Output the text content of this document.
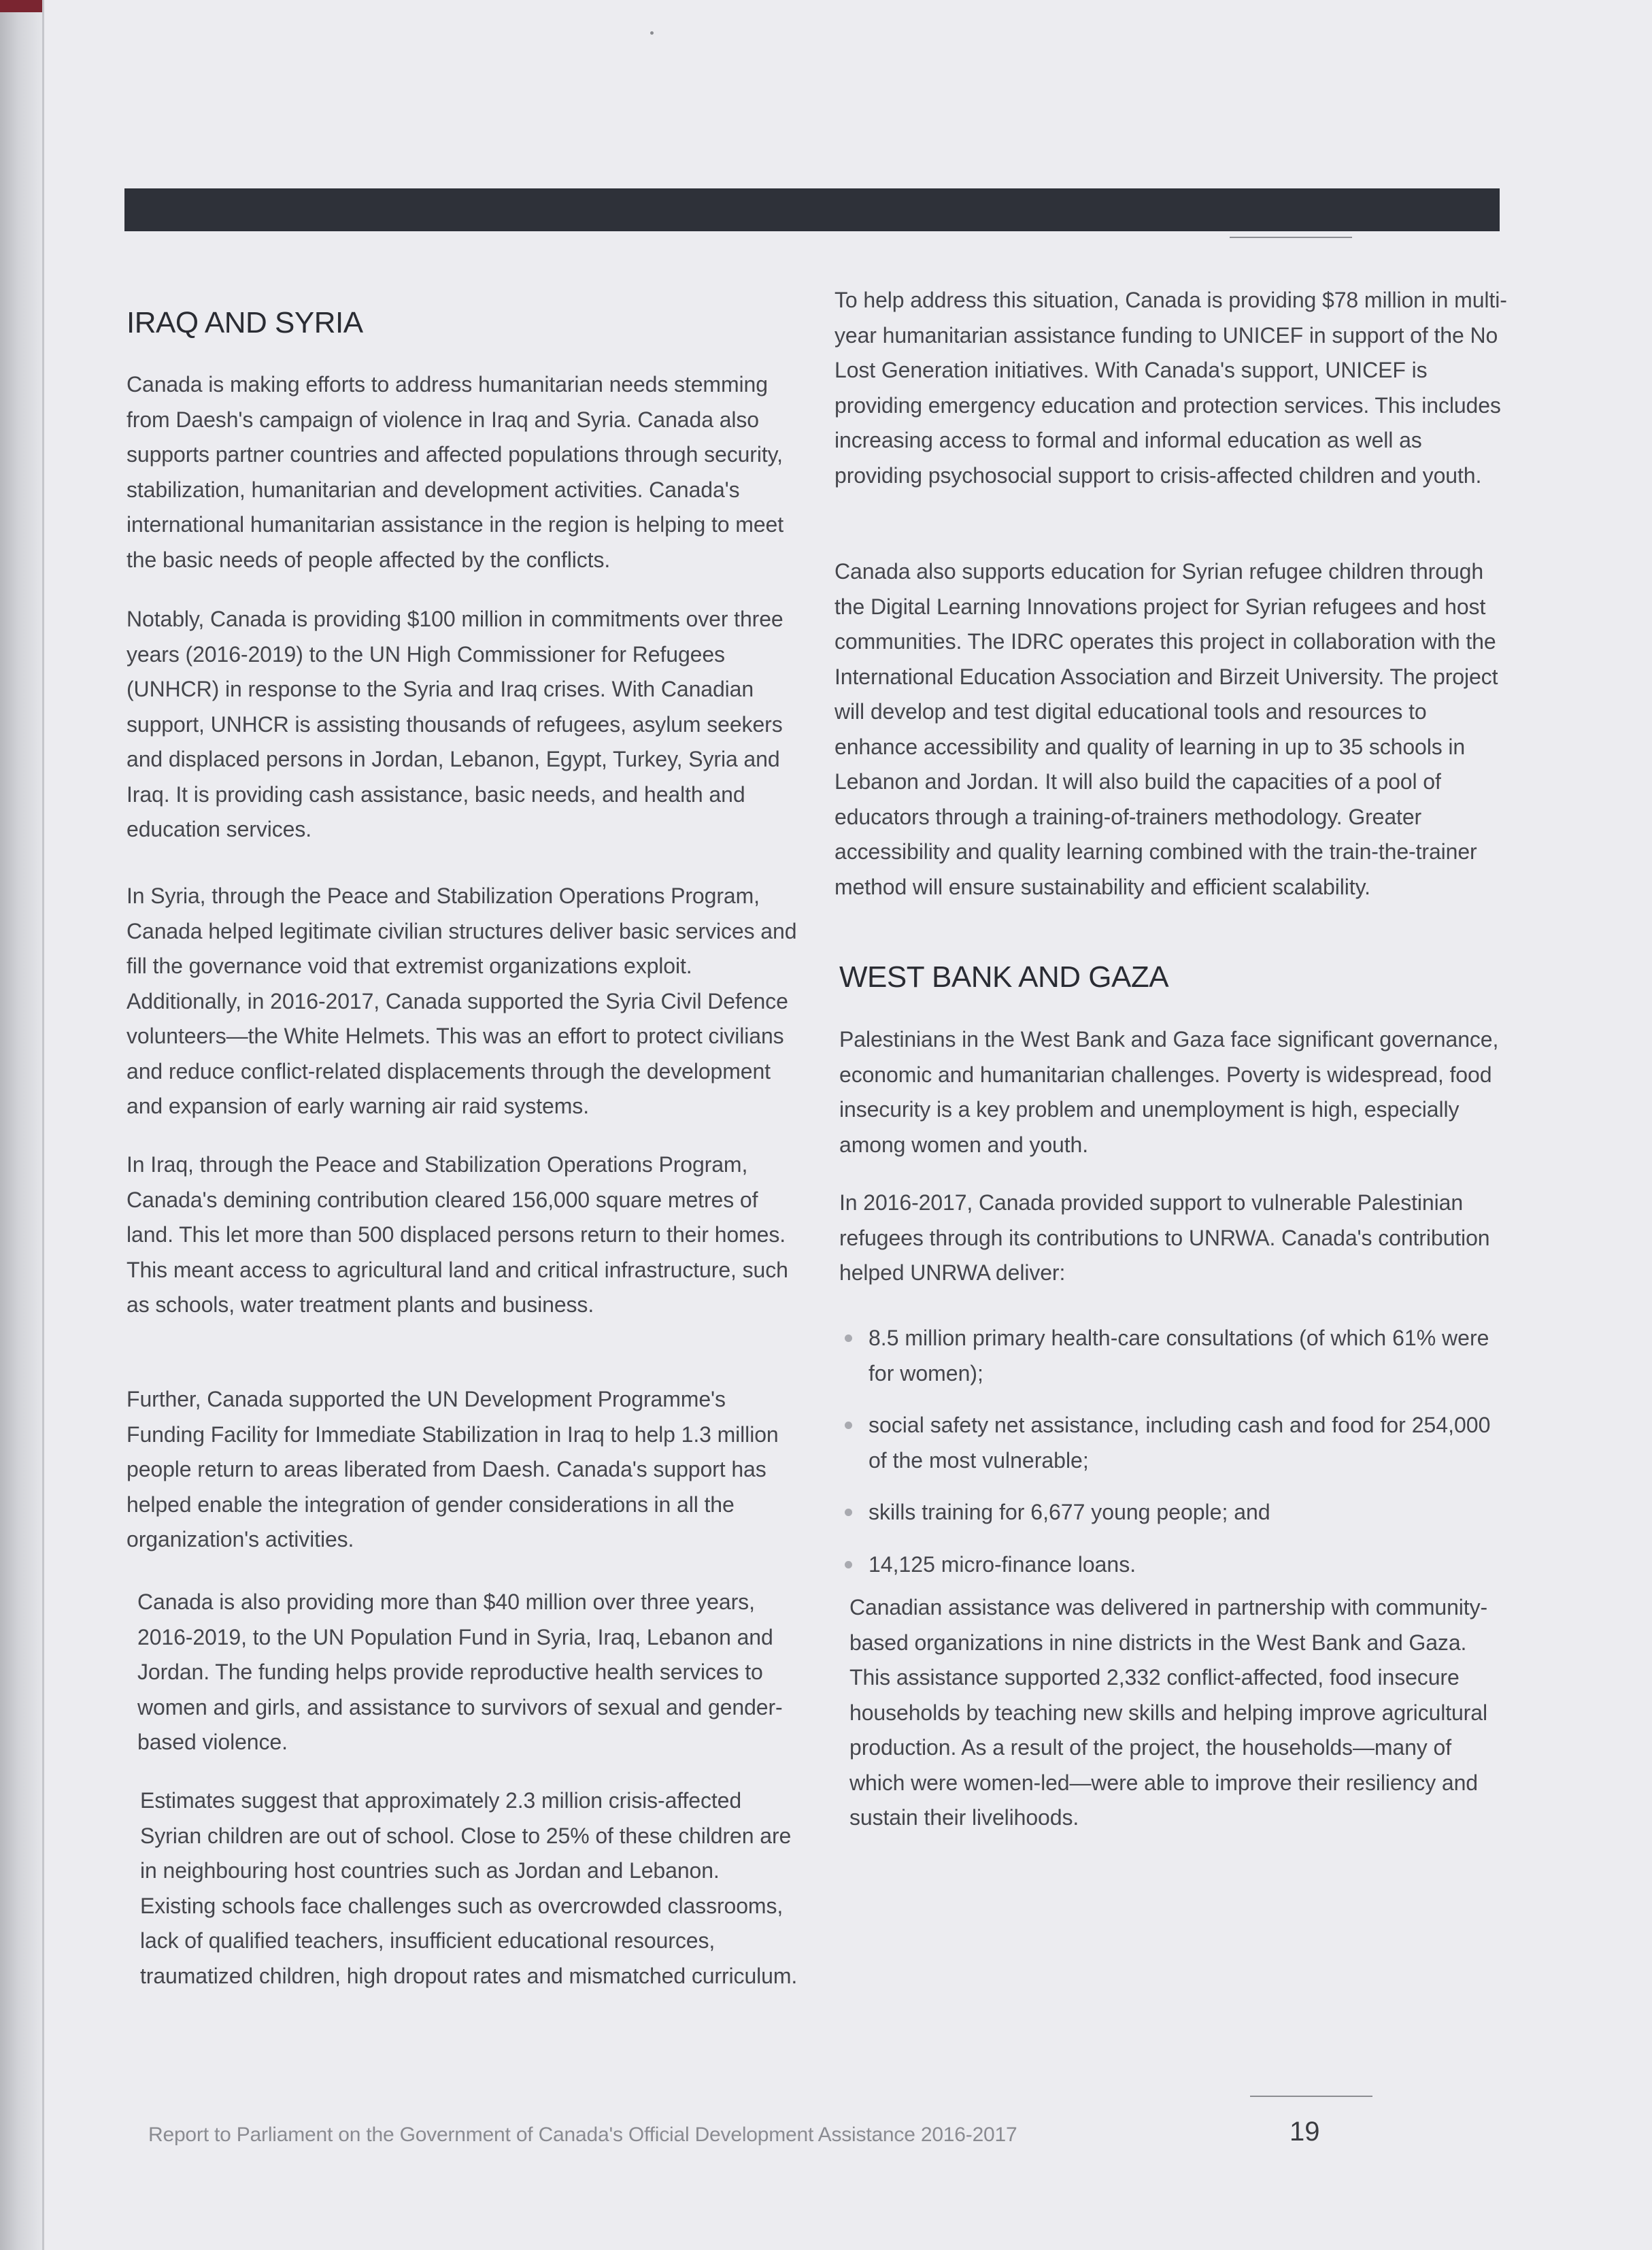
IRAQ AND SYRIA

Canada is making efforts to address humanitarian needs stemming from Daesh's campaign of violence in Iraq and Syria. Canada also supports partner countries and affected populations through security, stabilization, humanitarian and development activities. Canada's international humanitarian assistance in the region is helping to meet the basic needs of people affected by the conflicts.

Notably, Canada is providing $100 million in commitments over three years (2016-2019) to the UN High Commissioner for Refugees (UNHCR) in response to the Syria and Iraq crises. With Canadian support, UNHCR is assisting thousands of refugees, asylum seekers and displaced persons in Jordan, Lebanon, Egypt, Turkey, Syria and Iraq. It is providing cash assistance, basic needs, and health and education services.

In Syria, through the Peace and Stabilization Operations Program, Canada helped legitimate civilian structures deliver basic services and fill the governance void that extremist organizations exploit. Additionally, in 2016-2017, Canada supported the Syria Civil Defence volunteers—the White Helmets. This was an effort to protect civilians and reduce conflict-related displacements through the development and expansion of early warning air raid systems.

In Iraq, through the Peace and Stabilization Operations Program, Canada's demining contribution cleared 156,000 square metres of land. This let more than 500 displaced persons return to their homes. This meant access to agricultural land and critical infrastructure, such as schools, water treatment plants and business.

Further, Canada supported the UN Development Programme's Funding Facility for Immediate Stabilization in Iraq to help 1.3 million people return to areas liberated from Daesh. Canada's support has helped enable the integration of gender considerations in all the organization's activities.

Canada is also providing more than $40 million over three years, 2016-2019, to the UN Population Fund in Syria, Iraq, Lebanon and Jordan. The funding helps provide reproductive health services to women and girls, and assistance to survivors of sexual and gender-based violence.

Estimates suggest that approximately 2.3 million crisis-affected Syrian children are out of school. Close to 25% of these children are in neighbouring host countries such as Jordan and Lebanon. Existing schools face challenges such as overcrowded classrooms, lack of qualified teachers, insufficient educational resources, traumatized children, high dropout rates and mismatched curriculum.

To help address this situation, Canada is providing $78 million in multi-year humanitarian assistance funding to UNICEF in support of the No Lost Generation initiatives. With Canada's support, UNICEF is providing emergency education and protection services. This includes increasing access to formal and informal education as well as providing psychosocial support to crisis-affected children and youth.

Canada also supports education for Syrian refugee children through the Digital Learning Innovations project for Syrian refugees and host communities. The IDRC operates this project in collaboration with the International Education Association and Birzeit University. The project will develop and test digital educational tools and resources to enhance accessibility and quality of learning in up to 35 schools in Lebanon and Jordan. It will also build the capacities of a pool of educators through a training-of-trainers methodology. Greater accessibility and quality learning combined with the train-the-trainer method will ensure sustainability and efficient scalability.

WEST BANK AND GAZA

Palestinians in the West Bank and Gaza face significant governance, economic and humanitarian challenges. Poverty is widespread, food insecurity is a key problem and unemployment is high, especially among women and youth.

In 2016-2017, Canada provided support to vulnerable Palestinian refugees through its contributions to UNRWA. Canada's contribution helped UNRWA deliver:

8.5 million primary health-care consultations (of which 61% were for women);
social safety net assistance, including cash and food for 254,000 of the most vulnerable;
skills training for 6,677 young people; and
14,125 micro-finance loans.

Canadian assistance was delivered in partnership with community-based organizations in nine districts in the West Bank and Gaza. This assistance supported 2,332 conflict-affected, food insecure households by teaching new skills and helping improve agricultural production. As a result of the project, the households—many of which were women-led—were able to improve their resiliency and sustain their livelihoods.

Report to Parliament on the Government of Canada's Official Development Assistance 2016-2017	19
